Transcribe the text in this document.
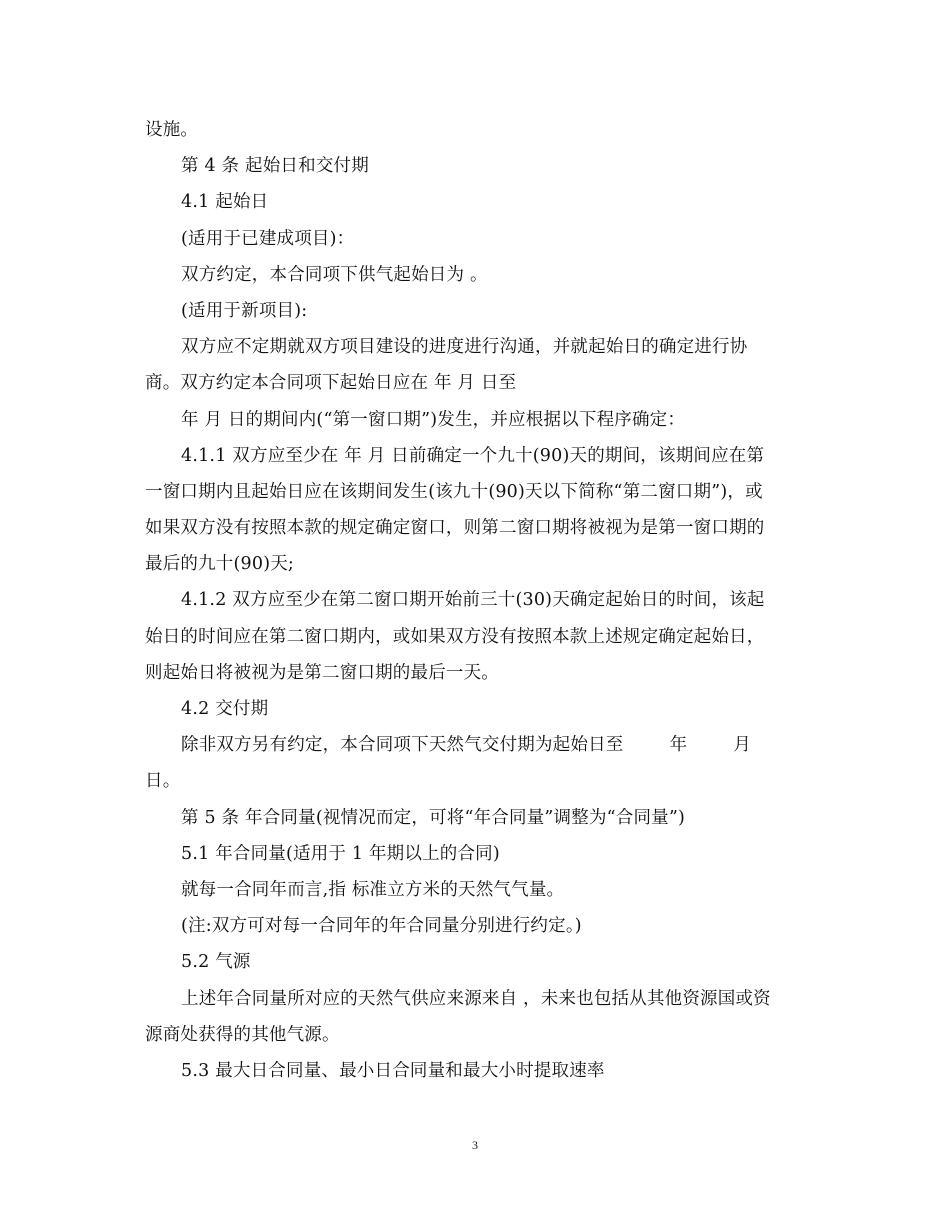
设施。
第 4 条 起始日和交付期
4.1 起始日
(适用于已建成项目)：
双方约定，本合同项下供气起始日为 。
(适用于新项目):
双方应不定期就双方项目建设的进度进行沟通，并就起始日的确定进行协
商。双方约定本合同项下起始日应在 年 月 日至
年 月 日的期间内(“第一窗口期”)发生，并应根据以下程序确定：
4.1.1 双方应至少在 年 月 日前确定一个九十(90)天的期间，该期间应在第
一窗口期内且起始日应在该期间发生(该九十(90)天以下简称“第二窗口期”)，或
如果双方没有按照本款的规定确定窗口，则第二窗口期将被视为是第一窗口期的
最后的九十(90)天;
4.1.2 双方应至少在第二窗口期开始前三十(30)天确定起始日的时间，该起
始日的时间应在第二窗口期内，或如果双方没有按照本款上述规定确定起始日，
则起始日将被视为是第二窗口期的最后一天。
4.2 交付期
除非双方另有约定，本合同项下天然气交付期为起始日至        年        月
日。
第 5 条 年合同量(视情况而定，可将“年合同量”调整为“合同量”)
5.1 年合同量(适用于 1 年期以上的合同)
就每一合同年而言,指 标准立方米的天然气气量。
(注:双方可对每一合同年的年合同量分别进行约定。)
5.2 气源
上述年合同量所对应的天然气供应来源来自 ，未来也包括从其他资源国或资
源商处获得的其他气源。
5.3 最大日合同量、最小日合同量和最大小时提取速率
3
